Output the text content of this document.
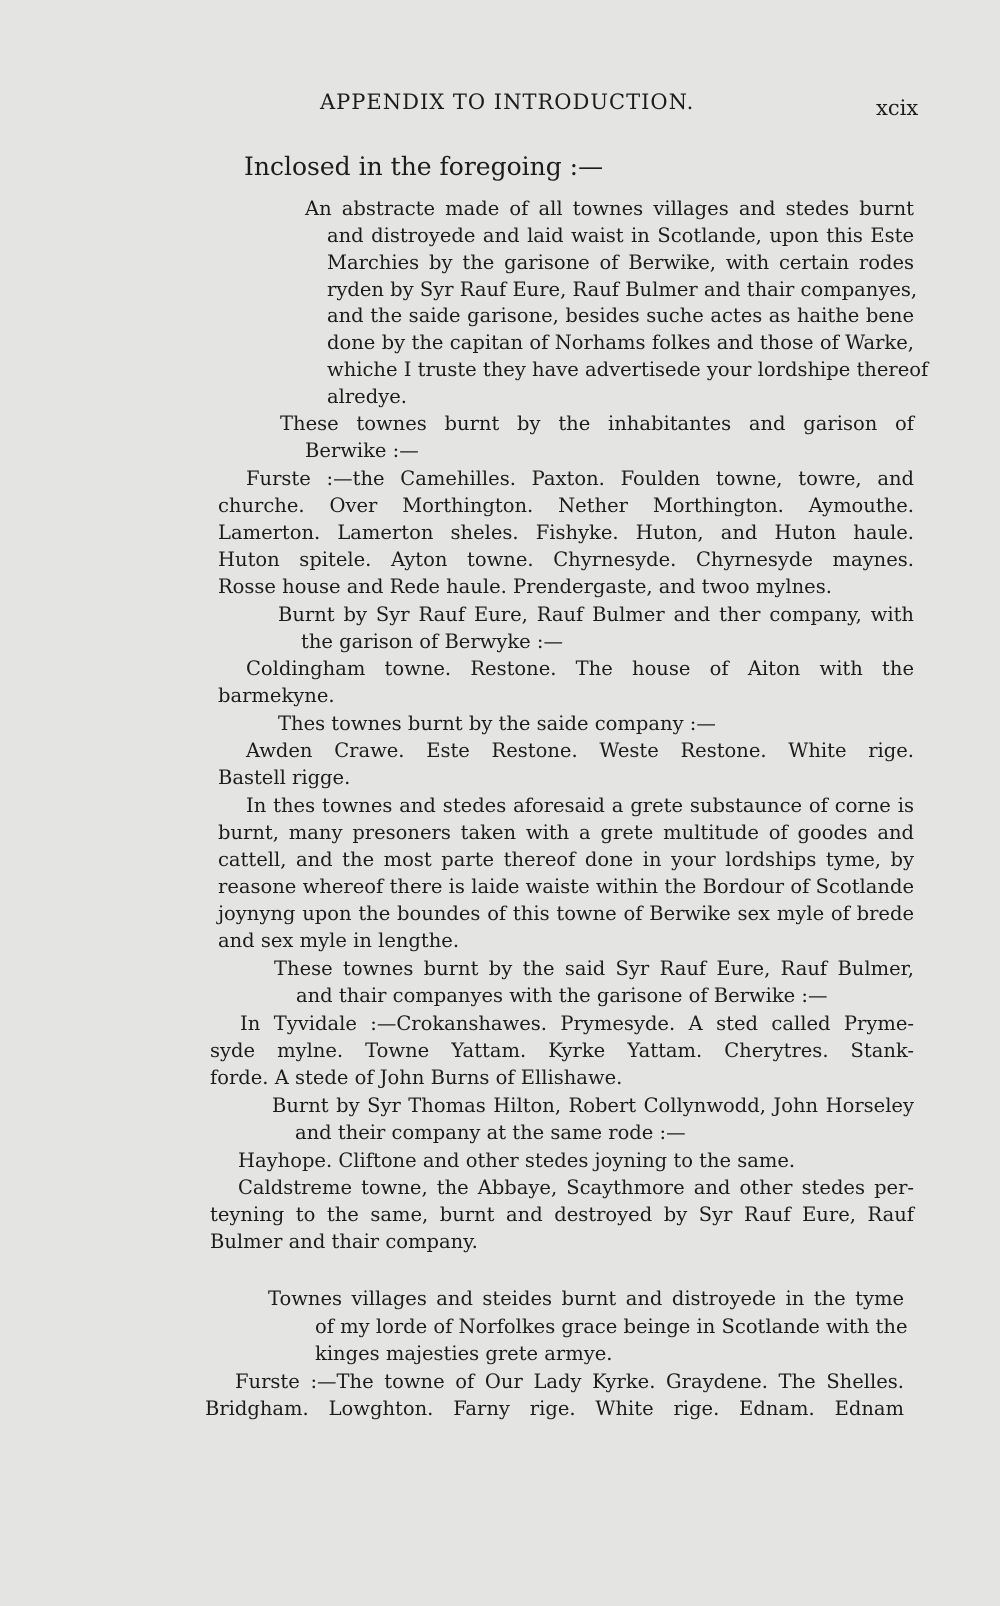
APPENDIX TO INTRODUCTION.	xcix
Inclosed in the foregoing :—
An abstracte made of all townes villages and stedes burnt
and distroyede and laid waist in Scotlande, upon this Este
Marchies by the garisone of Berwike, with certain rodes
ryden by Syr Rauf Eure, Rauf Bulmer and thair companyes,
and the saide garisone, besides suche actes as haithe bene
done by the capitan of Norhams folkes and those of Warke,
whiche I truste they have advertisede your lordshipe thereof
alredye.
These townes burnt by the inhabitantes and garison of
Berwike :—
Furste :—the Camehilles. Paxton. Foulden towne, towre, and
churche. Over Morthington. Nether Morthington. Aymouthe.
Lamerton. Lamerton sheles. Fishyke. Huton, and Huton haule.
Huton spitele. Ayton towne. Chyrnesyde. Chyrnesyde maynes.
Rosse house and Rede haule. Prendergaste, and twoo mylnes.
Burnt by Syr Rauf Eure, Rauf Bulmer and ther company, with
the garison of Berwyke :—
Coldingham towne. Restone. The house of Aiton with the
barmekyne.
Thes townes burnt by the saide company :—
Awden Crawe. Este Restone. Weste Restone. White rige.
Bastell rigge.
In thes townes and stedes aforesaid a grete substaunce of corne is
burnt, many presoners taken with a grete multitude of goodes and
cattell, and the most parte thereof done in your lordships tyme, by
reasone whereof there is laide waiste within the Bordour of Scotlande
joynyng upon the boundes of this towne of Berwike sex myle of brede
and sex myle in lengthe.
These townes burnt by the said Syr Rauf Eure, Rauf Bulmer,
and thair companyes with the garisone of Berwike :—
In Tyvidale :—Crokanshawes. Prymesyde. A sted called Pryme-
syde mylne. Towne Yattam. Kyrke Yattam. Cherytres. Stank-
forde. A stede of John Burns of Ellishawe.
Burnt by Syr Thomas Hilton, Robert Collynwodd, John Horseley
and their company at the same rode :—
Hayhope. Cliftone and other stedes joyning to the same.
Caldstreme towne, the Abbaye, Scaythmore and other stedes per-
teyning to the same, burnt and destroyed by Syr Rauf Eure, Rauf
Bulmer and thair company.
Townes villages and steides burnt and distroyede in the tyme
of my lorde of Norfolkes grace beinge in Scotlande with the
kinges majesties grete armye.
Furste :—The towne of Our Lady Kyrke. Graydene. The Shelles.
Bridgham. Lowghton. Farny rige. White rige. Ednam. Ednam
